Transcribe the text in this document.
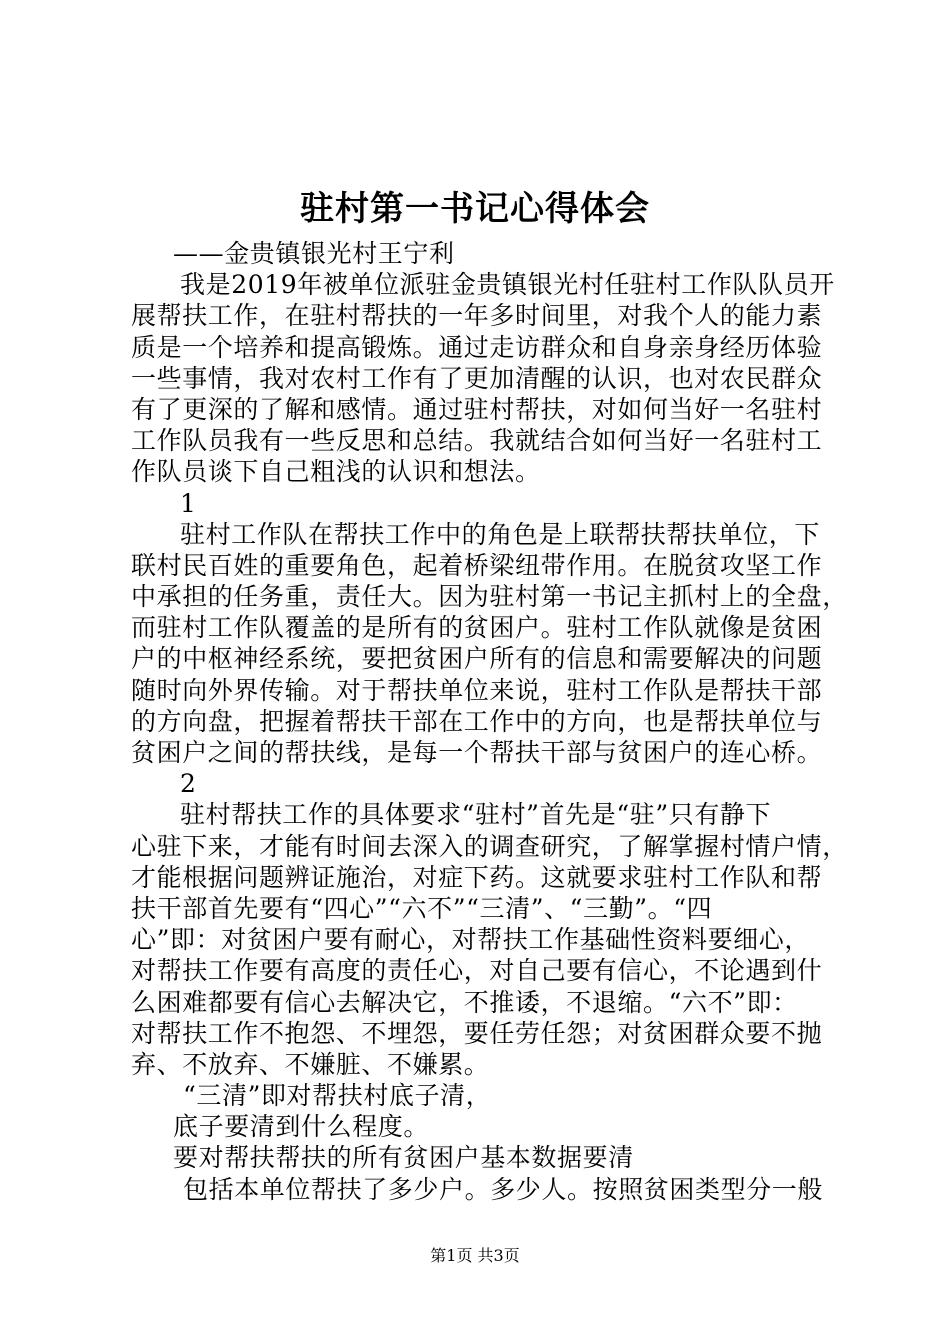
驻村第一书记心得体会
——金贵镇银光村王宁利
我是2019年被单位派驻金贵镇银光村任驻村工作队队员开
展帮扶工作，在驻村帮扶的一年多时间里，对我个人的能力素
质是一个培养和提高锻炼。通过走访群众和自身亲身经历体验
一些事情，我对农村工作有了更加清醒的认识，也对农民群众
有了更深的了解和感情。通过驻村帮扶，对如何当好一名驻村
工作队员我有一些反思和总结。我就结合如何当好一名驻村工
作队员谈下自己粗浅的认识和想法。
1
驻村工作队在帮扶工作中的角色是上联帮扶帮扶单位，下
联村民百姓的重要角色，起着桥梁纽带作用。在脱贫攻坚工作
中承担的任务重，责任大。因为驻村第一书记主抓村上的全盘，
而驻村工作队覆盖的是所有的贫困户。驻村工作队就像是贫困
户的中枢神经系统，要把贫困户所有的信息和需要解决的问题
随时向外界传输。对于帮扶单位来说，驻村工作队是帮扶干部
的方向盘，把握着帮扶干部在工作中的方向，也是帮扶单位与
贫困户之间的帮扶线，是每一个帮扶干部与贫困户的连心桥。
2
驻村帮扶工作的具体要求“驻村”首先是“驻”只有静下
心驻下来，才能有时间去深入的调查研究，了解掌握村情户情，
才能根据问题辨证施治，对症下药。这就要求驻村工作队和帮
扶干部首先要有“四心”“六不”“三清”、“三勤”。“四
心”即：对贫困户要有耐心，对帮扶工作基础性资料要细心，
对帮扶工作要有高度的责任心，对自己要有信心，不论遇到什
么困难都要有信心去解决它，不推诿，不退缩。“六不”即：
对帮扶工作不抱怨、不埋怨，要任劳任怨；对贫困群众要不抛
弃、不放弃、不嫌脏、不嫌累。
“三清”即对帮扶村底子清，
底子要清到什么程度。
要对帮扶帮扶的所有贫困户基本数据要清
包括本单位帮扶了多少户。多少人。按照贫困类型分一般
第1页 共3页
